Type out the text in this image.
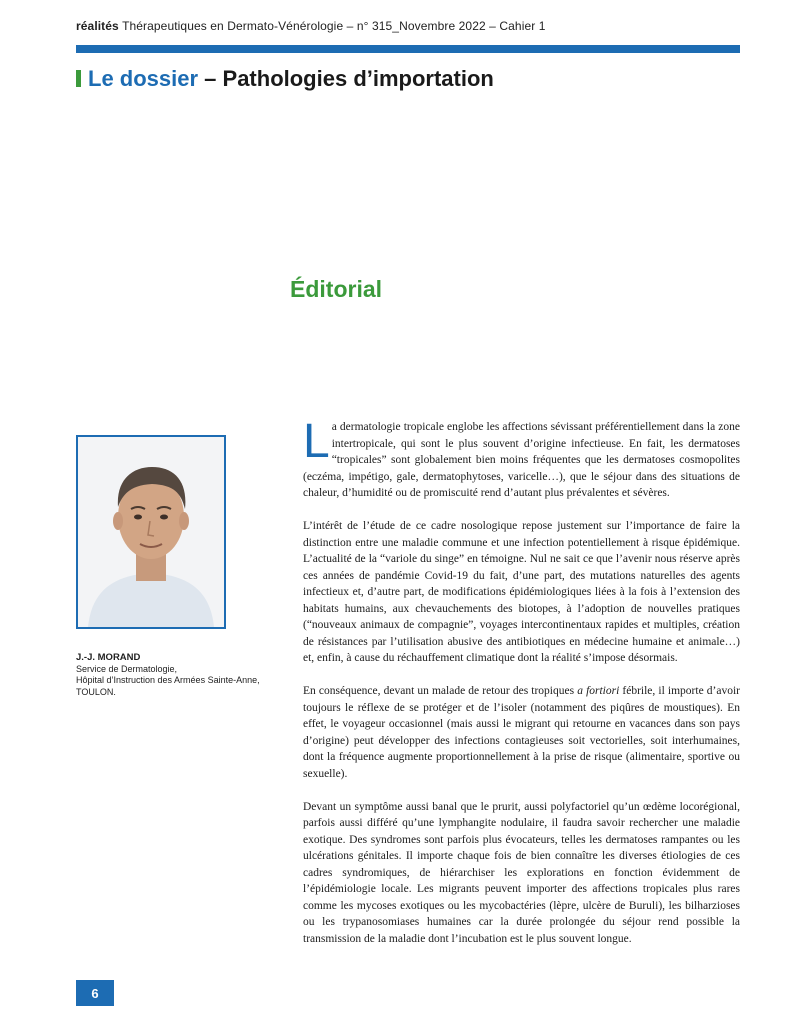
réalités Thérapeutiques en Dermato-Vénérologie – n° 315_Novembre 2022 – Cahier 1
Le dossier – Pathologies d’importation
Éditorial
J.-J. MORAND
Service de Dermatologie,
Hôpital d’Instruction des Armées Sainte-Anne,
TOULON.

La dermatologie tropicale englobe les affections sévissant préférentiellement dans la zone intertropicale, qui sont le plus souvent d’origine infectieuse. En fait, les dermatoses “tropicales” sont globalement bien moins fréquentes que les dermatoses cosmopolites (eczéma, impétigo, gale, dermatophytoses, varicelle…), que le séjour dans des situations de chaleur, d’humidité ou de promiscuité rend d’autant plus prévalentes et sévères.

L’intérêt de l’étude de ce cadre nosologique repose justement sur l’importance de faire la distinction entre une maladie commune et une infection potentiellement à risque épidémique. L’actualité de la “variole du singe” en témoigne. Nul ne sait ce que l’avenir nous réserve après ces années de pandémie Covid-19 du fait, d’une part, des mutations naturelles des agents infectieux et, d’autre part, de modifications épidémiologiques liées à la fois à l’extension des habitats humains, aux chevauchements des biotopes, à l’adoption de nouvelles pratiques (“nouveaux animaux de compagnie”, voyages intercontinentaux rapides et multiples, création de résistances par l’utilisation abusive des antibiotiques en médecine humaine et animale…) et, enfin, à cause du réchauffement climatique dont la réalité s’impose désormais.

En conséquence, devant un malade de retour des tropiques a fortiori fébrile, il importe d’avoir toujours le réflexe de se protéger et de l’isoler (notamment des piqûres de moustiques). En effet, le voyageur occasionnel (mais aussi le migrant qui retourne en vacances dans son pays d’origine) peut développer des infections contagieuses soit vectorielles, soit interhumaines, dont la fréquence augmente proportionnellement à la prise de risque (alimentaire, sportive ou sexuelle).

Devant un symptôme aussi banal que le prurit, aussi polyfactoriel qu’un œdème locorégional, parfois aussi différé qu’une lymphangite nodulaire, il faudra savoir rechercher une maladie exotique. Des syndromes sont parfois plus évocateurs, telles les dermatoses rampantes ou les ulcérations génitales. Il importe chaque fois de bien connaître les diverses étiologies de ces cadres syndromiques, de hiérarchiser les explorations en fonction évidemment de l’épidémiologie locale. Les migrants peuvent importer des affections tropicales plus rares comme les mycoses exotiques ou les mycobactéries (lèpre, ulcère de Buruli), les bilharzioses ou les trypanosomiases humaines car la durée prolongée du séjour rend possible la transmission de la maladie dont l’incubation est le plus souvent longue.

6
